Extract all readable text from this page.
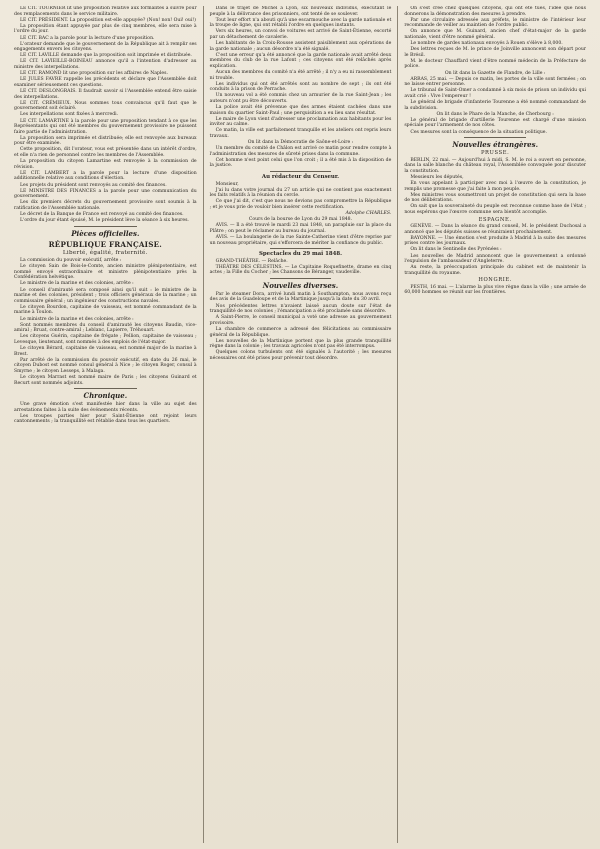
LE CIT. TOURNIER lit une proposition relative aux formalités à suivre pour des remplacements dans le service militaire.

LE CIT. PRÉSIDENT. La proposition est-elle appuyée? (Non! non! Oui! oui!)

La proposition étant appuyée par plus de cinq membres, elle sera mise à l'ordre du jour.

LE CIT. BAC a la parole pour la lecture d'une proposition.

L'orateur demande que le gouvernement de la République ait à remplir ses engagements envers les citoyens.

LE CIT. LAVILLE demande que la proposition soit imprimée et distribuée.

LE CIT. LAVIEILLE-BOINEAU annonce qu'il a l'intention d'adresser au ministre des interpellations.

LE CIT. RAMOND lit une proposition sur les affaires de Naples.

LE JULES FAVRE rappelle les précédents et déclare que l'Assemblée doit examiner sérieusement ces questions.

LE CIT. DESLONGRAIS. Il faudrait savoir si l'Assemblée entend être saisie des interpellations.

LE CIT. CRÉMIEUX. Nous sommes tous convaincus qu'il faut que le gouvernement soit éclairé.

Les interpellations sont fixées à mercredi.

LE CIT. LAMARTINE à la parole pour une proposition tendant à ce que les Représentants qui ont été membres du gouvernement provisoire ne puissent faire partie de l'administration.

La proposition sera imprimée et distribuée; elle est renvoyée aux bureaux pour être examinée.

Cette proposition, dit l'orateur, vous est présentée dans un intérêt d'ordre, et elle n'a rien de personnel contre les membres de l'Assemblée.

La proposition du citoyen Lamartine est renvoyée à la commission de révision.

LE CIT. LAMBERT a la parole pour la lecture d'une disposition additionnelle relative aux conditions d'élection.

Les projets du président sont renvoyés au comité des finances.

LE MINISTRE DES FINANCES a la parole pour une communication du gouvernement.

Les dix premiers décrets du gouvernement provisoire sont soumis à la ratification de l'Assemblée nationale.

Le décret de la Banque de France est renvoyé au comité des finances.

L'ordre du jour étant épuisé, M. le président lève la séance à six heures.

Pièces officielles.
RÉPUBLIQUE FRANÇAISE.
Liberté, égalité, fraternité.

La commission du pouvoir exécutif, arrête :

Le citoyen Sain de Bois-le-Comte, ancien ministre plénipotentiaire, est nommé envoyé extraordinaire et ministre plénipotentiaire près la Confédération helvétique.

Le ministre de la marine et des colonies, arrête :

Le conseil d'amirauté sera composé ainsi qu'il suit : le ministre de la marine et des colonies, président ; trois officiers généraux de la marine ; un commissaire général ; un ingénieur des constructions navales.

Le citoyen Bourdon, capitaine de vaisseau, est nommé commandant de la marine à Toulon.

Le ministre de la marine et des colonies, arrête :

Sont nommés membres du conseil d'amirauté les citoyens Baudin, vice-amiral ; Bruat, contre-amiral ; Leblanc, Lapierre, Tréhouart.

Les citoyens Guérin, capitaine de frégate ; Pellion, capitaine de vaisseau ; Levesque, lieutenant, sont nommés à des emplois de l'état-major.

Le citoyen Bérard, capitaine de vaisseau, est nommé major de la marine à Brest.

Par arrêté de la commission du pouvoir exécutif, en date du 26 mai, le citoyen Dubost est nommé consul général à Nice ; le citoyen Roger, consul à Smyrne ; le citoyen Lesseps, à Malaga.

Le citoyen Marrast est nommé maire de Paris ; les citoyens Guinard et Recurt sont nommés adjoints.

Chronique.

Une grave émotion s'est manifestée hier dans la ville au sujet des arrestations faites à la suite des événements récents.

Les troupes parties hier pour Saint-Étienne ont rejoint leurs cantonnements ; la tranquillité est rétablie dans tous les quartiers.

Dans le trajet de Michel à Lyon, six nouveaux individus, exécutant le peuple à la délivrance des prisonniers, ont tenté de se soulever.

Tout leur effort n'a abouti qu'à une escarmouche avec la garde nationale et la troupe de ligne, qui ont rétabli l'ordre en quelques instants.

Vers six heures, un convoi de voitures est arrivé de Saint-Étienne, escorté par un détachement de cavalerie.

Les habitants de la Croix-Rousse assistent paisiblement aux opérations de la garde nationale ; aucun désordre n'a été signalé.

C'est une erreur qu'a été annoncé que la garde nationale avait arrêté deux membres du club de la rue Lafont ; ces citoyens ont été relâchés après explication.

Aucun des membres du comité n'a été arrêté ; il n'y a eu ni rassemblement ni trouble.

Les individus qui ont été arrêtés sont au nombre de sept ; ils ont été conduits à la prison de Perrache.

Un nouveau vol a été commis chez un armurier de la rue Saint-Jean ; les auteurs n'ont pu être découverts.

La police avait été prévenue que des armes étaient cachées dans une maison du quartier Saint-Paul ; une perquisition a eu lieu sans résultat.

Le maire de Lyon vient d'adresser une proclamation aux habitants pour les inviter au calme.

Ce matin, la ville est parfaitement tranquille et les ateliers ont repris leurs travaux.

On lit dans la Démocratie de Saône-et-Loire :

Un membre du comité de Châlon est arrivé ce matin pour rendre compte à l'administration des mesures de sûreté prises dans la commune.

Cet homme n'est point celui que l'on croit ; il a été mis à la disposition de la justice.

Au rédacteur du Censeur.

Monsieur,

J'ai lu dans votre journal du 27 un article qui ne contient pas exactement les faits relatifs à la réunion du cercle.

Ce que j'ai dit, c'est que nous ne devions pas compromettre la République ; et je vous prie de vouloir bien insérer cette rectification.

Adolphe CHARLES.

Cours de la bourse de Lyon du 29 mai 1848.

AVIS. — Il a été trouvé le mardi 23 mai 1848, un parapluie sur la place du Plâtre ; on peut le réclamer au bureau du journal.

AVIS. — La boulangerie de la rue Sainte-Catherine vient d'être reprise par un nouveau propriétaire, qui s'efforcera de mériter la confiance du public.

Spectacles du 29 mai 1848.

GRAND-THÉÂTRE. — Relâche.

THÉÂTRE DES CÉLESTINS. — Le Capitaine Roquefinette, drame en cinq actes ; la Fille du Cocher ; les Chansons de Béranger, vaudeville.

Nouvelles diverses.

Par le steamer Dora, arrivé lundi matin à Southampton, nous avons reçu des avis de la Guadeloupe et de la Martinique jusqu'à la date du 30 avril.

Nos précédentes lettres n'avaient laissé aucun doute sur l'état de tranquillité de nos colonies ; l'émancipation a été proclamée sans désordre.

A Saint-Pierre, le conseil municipal a voté une adresse au gouvernement provisoire.

La chambre de commerce a adressé des félicitations au commissaire général de la République.

Les nouvelles de la Martinique portent que la plus grande tranquillité règne dans la colonie ; les travaux agricoles n'ont pas été interrompus.

Quelques colons turbulents ont été signalés à l'autorité ; les mesures nécessaires ont été prises pour prévenir tout désordre.

On s'est créé chez quelques citoyens, qui ont été tués, l'idée que nous donnerons la démonstration des mesures à prendre.

Par une circulaire adressée aux préfets, le ministre de l'intérieur leur recommande de veiller au maintien de l'ordre public.

On annonce que M. Guinard, ancien chef d'état-major de la garde nationale, vient d'être nommé général.

Le nombre de gardes nationaux envoyés à Rouen s'élève à 8,000.

Des lettres reçues de M. le prince de Joinville annoncent son départ pour le Brésil.

M. le docteur Chauffard vient d'être nommé médecin de la Préfecture de police.

On lit dans la Gazette de Flandre, de Lille :

ARRAS, 25 mai. — Depuis ce matin, les portes de la ville sont fermées ; on ne laisse entrer personne.

Le tribunal de Saint-Omer a condamné à six mois de prison un individu qui avait crié : Vive l'empereur !

Le général de brigade d'infanterie Tourenne a été nommé commandant de la subdivision.

On lit dans le Phare de la Manche, de Cherbourg :

Le général de brigade d'artillerie Tourenne est chargé d'une mission spéciale pour l'armement de nos côtes.

Ces mesures sont la conséquence de la situation politique.

Nouvelles étrangères.
PRUSSE.

BERLIN, 22 mai. — Aujourd'hui à midi, S. M. le roi a ouvert en personne, dans la salle blanche du château royal, l'Assemblée convoquée pour discuter la constitution.

Messieurs les députés,

En vous appelant à participer avec moi à l'œuvre de la constitution, je remplis une promesse que j'ai faite à mon peuple.

Mes ministres vous soumettront un projet de constitution qui sera la base de nos délibérations.

On sait que la souveraineté du peuple est reconnue comme base de l'état ; nous espérons que l'œuvre commune sera bientôt accomplie.

ESPAGNE.

GENÈVE. — Dans la séance du grand conseil, M. le président Duchosal a annoncé que les députés suisses se réuniraient prochainement.

BAYONNE. — Une émotion s'est produite à Madrid à la suite des mesures prises contre les journaux.

On lit dans le Sentinelle des Pyrénées :

Les nouvelles de Madrid annoncent que le gouvernement a ordonné l'expulsion de l'ambassadeur d'Angleterre.

Au reste, la préoccupation principale du cabinet est de maintenir la tranquillité du royaume.

HONGRIE.

PESTH, 16 mai. — L'alarme la plus vive règne dans la ville ; une armée de 60,000 hommes se réunit sur les frontières.
